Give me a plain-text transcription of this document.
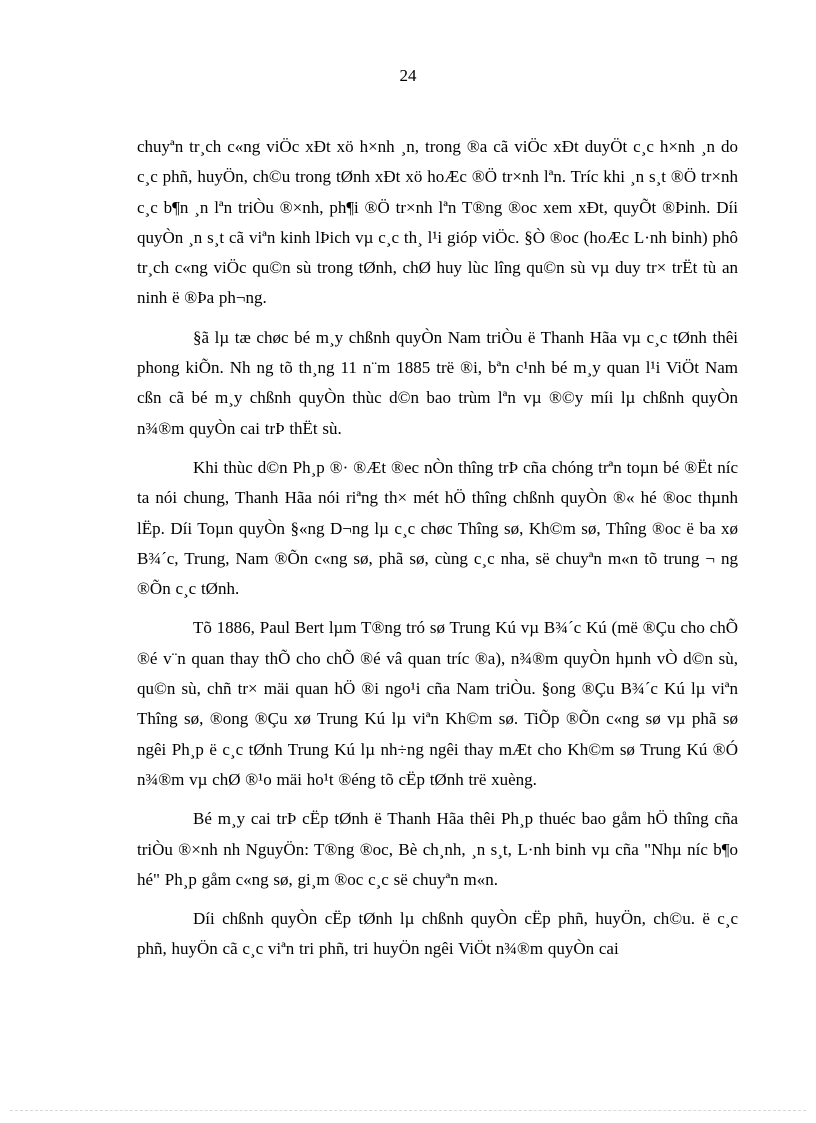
24

chuyªn tr¸ch c«ng viÖc xÐt xö h×nh ¸n, trong ®a cã viÖc xÐt duyÖt c¸c h×nh ¸n do c¸c phñ, huyÖn, ch©u trong tØnh xÐt xö hoÆc ®Ö tr×nh lªn. Tríc khi ¸n s¸t ®Ö tr×nh c¸c b¶n ¸n lªn triÒu ®×nh, ph¶i ®Ö tr×nh lªn T®ng ®oc xem xÐt, quyÕt ®Þinh. Díi quyÒn ¸n s¸t cã viªn kinh lÞich vµ c¸c th¸ l¹i gióp viÖc. §Ò ®oc (hoÆc L·nh binh) phô tr¸ch c«ng viÖc qu©n sù trong tØnh, chØ huy lùc lîng qu©n sù vµ duy tr× trËt tù an ninh ë ®Þa ph¬ng.

§ã lµ tæ chøc bé m¸y chßnh quyÒn Nam triÒu ë Thanh Hãa vµ c¸c tØnh thêi phong kiÕn. Nh ng tõ th¸ng 11 n¨m 1885 trë ®i, bªn c¹nh bé m¸y quan l¹i ViÖt Nam cßn cã bé m¸y chßnh quyÒn thùc d©n bao trùm lªn vµ ®©y míi lµ chßnh quyÒn n¾®m quyÒn cai trÞ thËt sù.

Khi thùc d©n Ph¸p ®· ®Æt ®ec nÒn thîng trÞ cña chóng trªn toµn bé ®Ët níc ta nói chung, Thanh Hãa nói riªng th× mét hÖ thîng chßnh quyÒn ®« hé ®oc thµnh lËp. Díi Toµn quyÒn §«ng D¬ng lµ c¸c chøc Thîng sø, Kh©m sø, Thîng ®oc ë ba xø B¾´c, Trung, Nam ®Õn c«ng sø, phã sø, cùng c¸c nha, së chuyªn m«n tõ trung ¬ ng ®Õn c¸c tØnh.

Tõ 1886, Paul Bert lµm T®ng tró sø Trung Kú vµ B¾´c Kú (më ®Çu cho chÕ ®é v¨n quan thay thÕ cho chÕ ®é vâ quan tríc ®a), n¾®m quyÒn hµnh vÒ d©n sù, qu©n sù, chñ tr× mäi quan hÖ ®i ngo¹i cña Nam triÒu. §ong ®Çu B¾´c Kú lµ viªn Thîng sø, ®ong ®Çu xø Trung Kú lµ viªn Kh©m sø. TiÕp ®Õn c«ng sø vµ phã sø ngêi Ph¸p ë c¸c tØnh Trung Kú lµ nh÷ng ngêi thay mÆt cho Kh©m sø Trung Kú ®Ó n¾®m vµ chØ ®¹o mäi ho¹t ®éng tõ cËp tØnh trë xuèng.

Bé m¸y cai trÞ cËp tØnh ë Thanh Hãa thêi Ph¸p thuéc bao gåm hÖ thîng cña triÒu ®×nh nh NguyÖn: T®ng ®oc, Bè ch¸nh, ¸n s¸t, L·nh binh vµ cña "Nhµ níc b¶o hé" Ph¸p gåm c«ng sø, gi¸m ®oc c¸c së chuyªn m«n.

Díi chßnh quyÒn cËp tØnh lµ chßnh quyÒn cËp phñ, huyÖn, ch©u. ë c¸c phñ, huyÖn cã c¸c viªn tri phñ, tri huyÖn ngêi ViÖt n¾®m quyÒn cai
